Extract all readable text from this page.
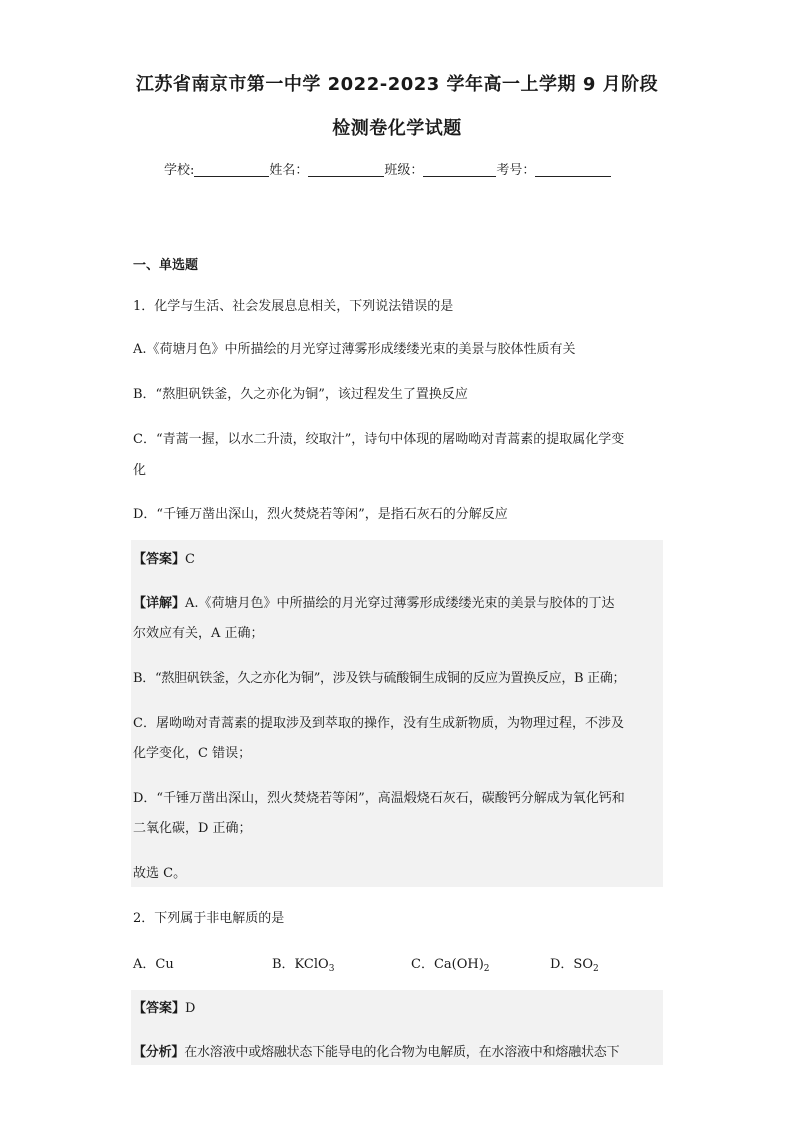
江苏省南京市第一中学 2022-2023 学年高一上学期 9 月阶段
检测卷化学试题
学校:	姓名：	班级：	考号：
一、单选题
1．化学与生活、社会发展息息相关，下列说法错误的是
A.《荷塘月色》中所描绘的月光穿过薄雾形成缕缕光束的美景与胶体性质有关
B．“熬胆矾铁釜，久之亦化为铜”，该过程发生了置换反应
C．“青蒿一握，以水二升渍，绞取汁”，诗句中体现的屠呦呦对青蒿素的提取属化学变
化
D．“千锤万凿出深山，烈火焚烧若等闲”，是指石灰石的分解反应
【答案】C
【详解】A.《荷塘月色》中所描绘的月光穿过薄雾形成缕缕光束的美景与胶体的丁达
尔效应有关，A 正确；
B．“熬胆矾铁釜，久之亦化为铜”，涉及铁与硫酸铜生成铜的反应为置换反应，B 正确；
C．屠呦呦对青蒿素的提取涉及到萃取的操作，没有生成新物质，为物理过程，不涉及
化学变化，C 错误；
D．“千锤万凿出深山，烈火焚烧若等闲”，高温煅烧石灰石，碳酸钙分解成为氧化钙和
二氧化碳，D 正确；
故选 C。
2．下列属于非电解质的是
A．Cu	B．KClO$_3$	C．$Ca(OH)_2$	D．$SO_2$
【答案】D
【分析】在水溶液中或熔融状态下能导电的化合物为电解质，在水溶液中和熔融状态下
